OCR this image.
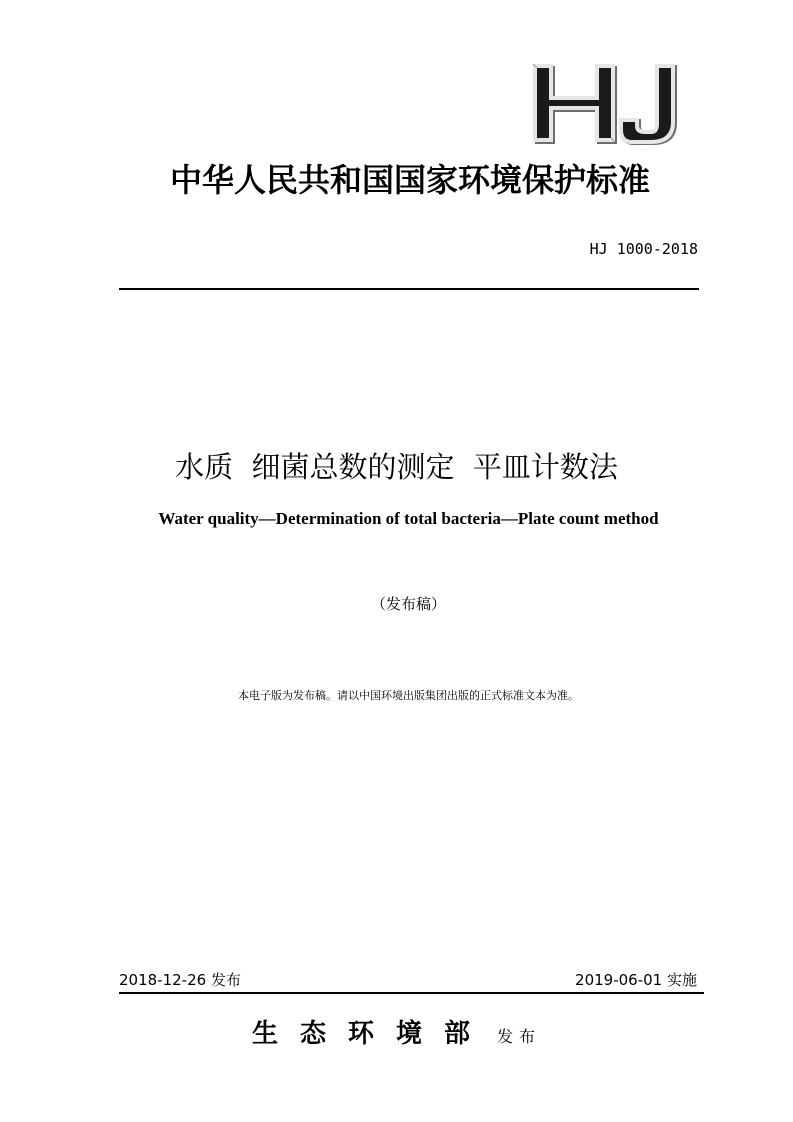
中华人民共和国国家环境保护标准
HJ 1000-2018
水质  细菌总数的测定  平皿计数法
Water quality—Determination of total bacteria—Plate count method
（发布稿）
本电子版为发布稿。请以中国环境出版集团出版的正式标准文本为准。
2018-12-26 发布	2019-06-01 实施
生态环境部 发布
